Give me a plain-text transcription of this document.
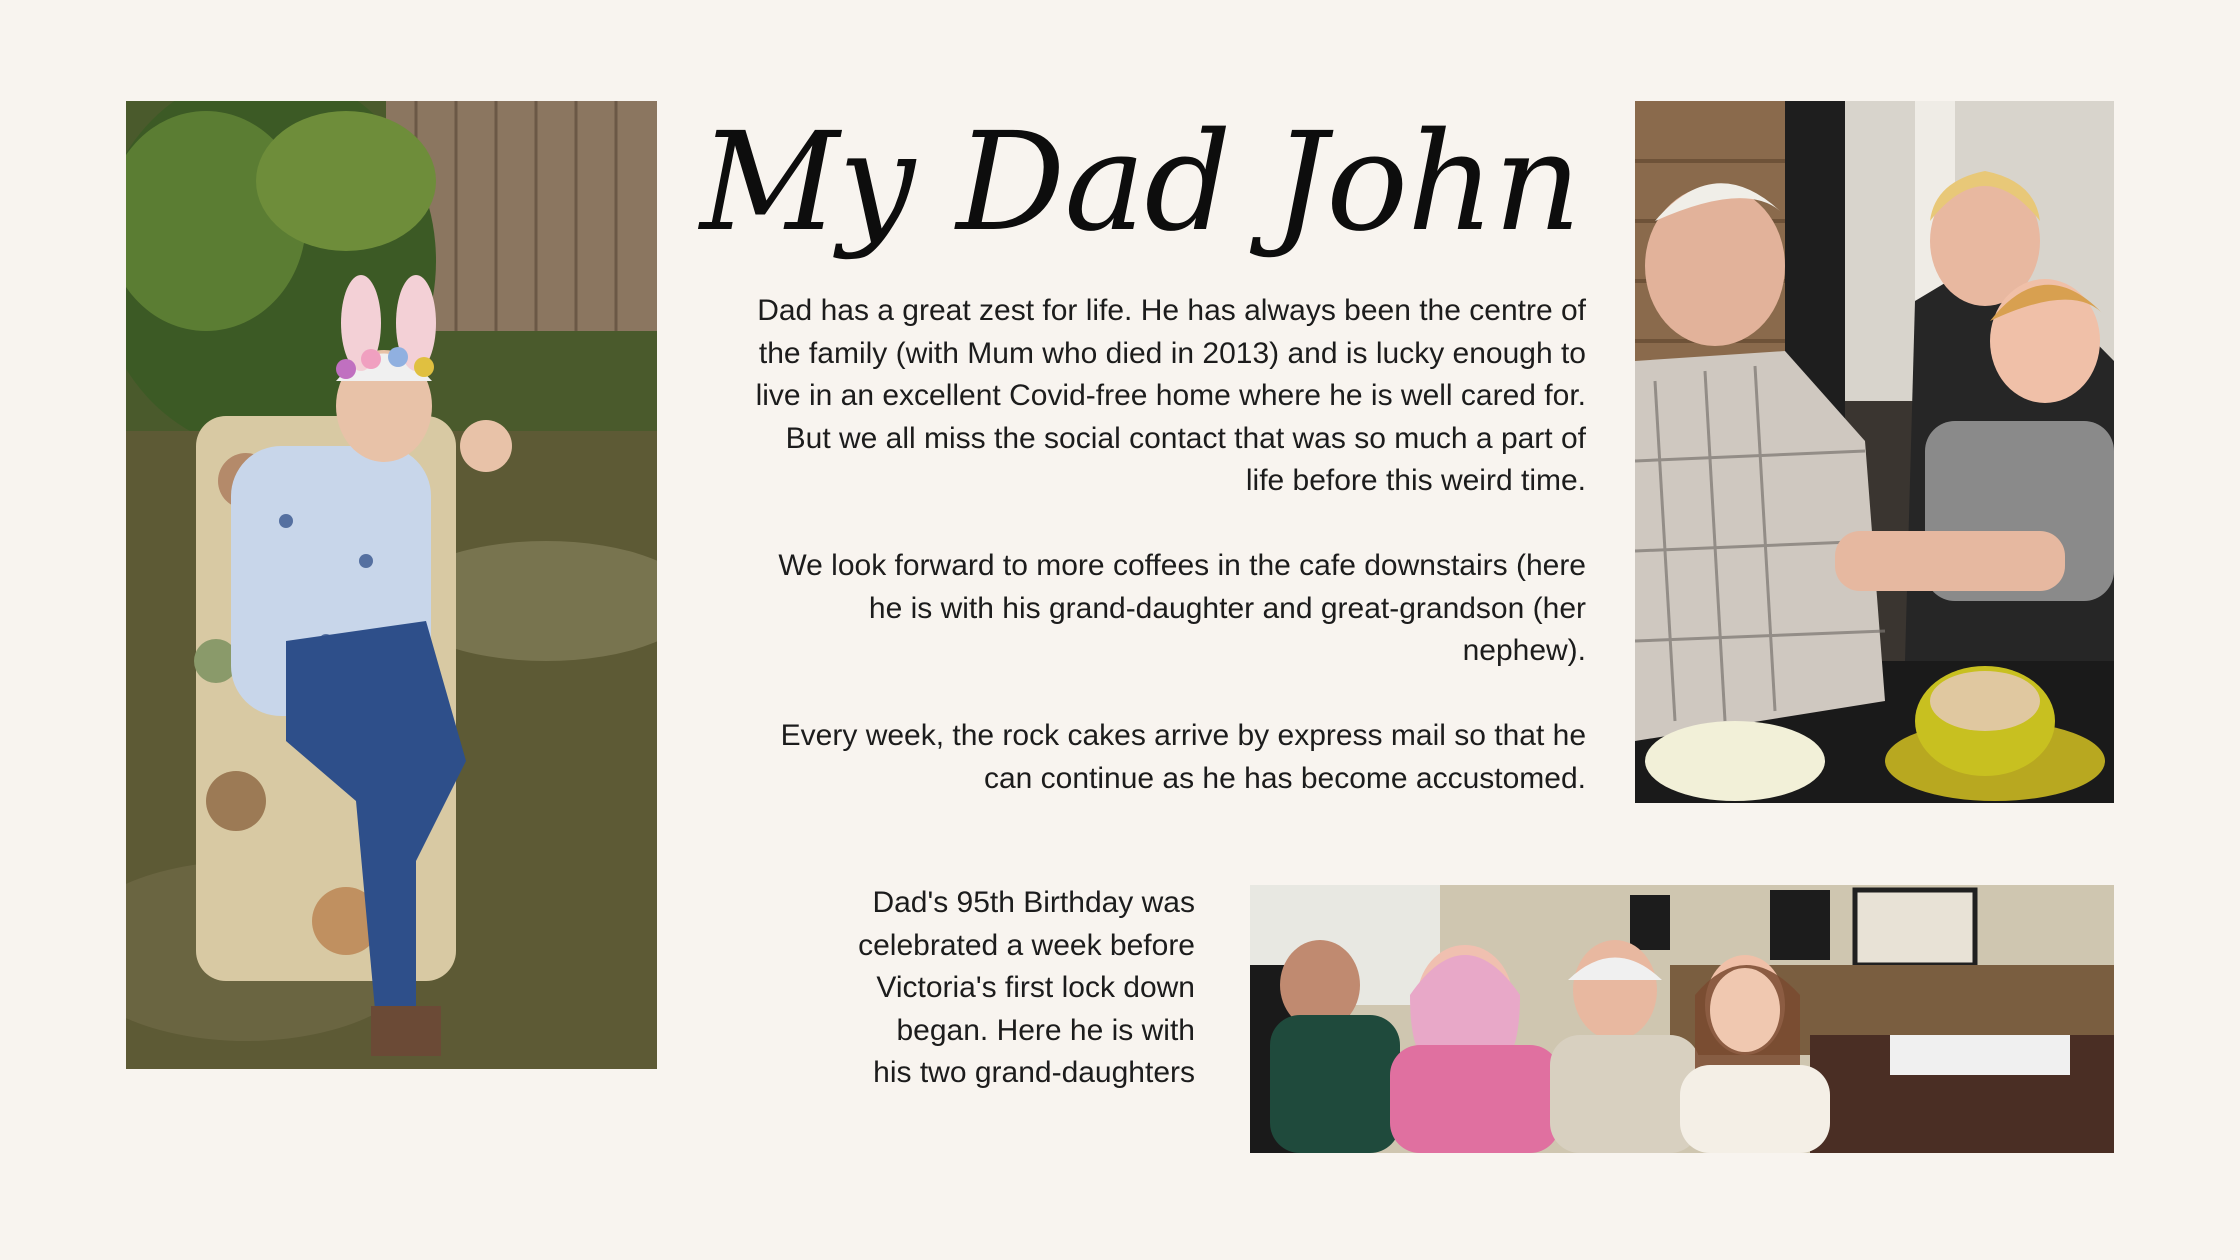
My Dad John

Dad has a great zest for life. He has always been the centre of the family (with Mum who died in 2013) and is lucky enough to live in an excellent Covid-free home where he is well cared for. But we all miss the social contact that was so much a part of life before this weird time.

We look forward to more coffees in the cafe downstairs (here he is with his grand-daughter and great-grandson (her nephew).

Every week, the rock cakes arrive by express mail so that he can continue as he has become accustomed.

Dad's 95th Birthday was celebrated a week before Victoria's first lock down began. Here he is with his two grand-daughters
